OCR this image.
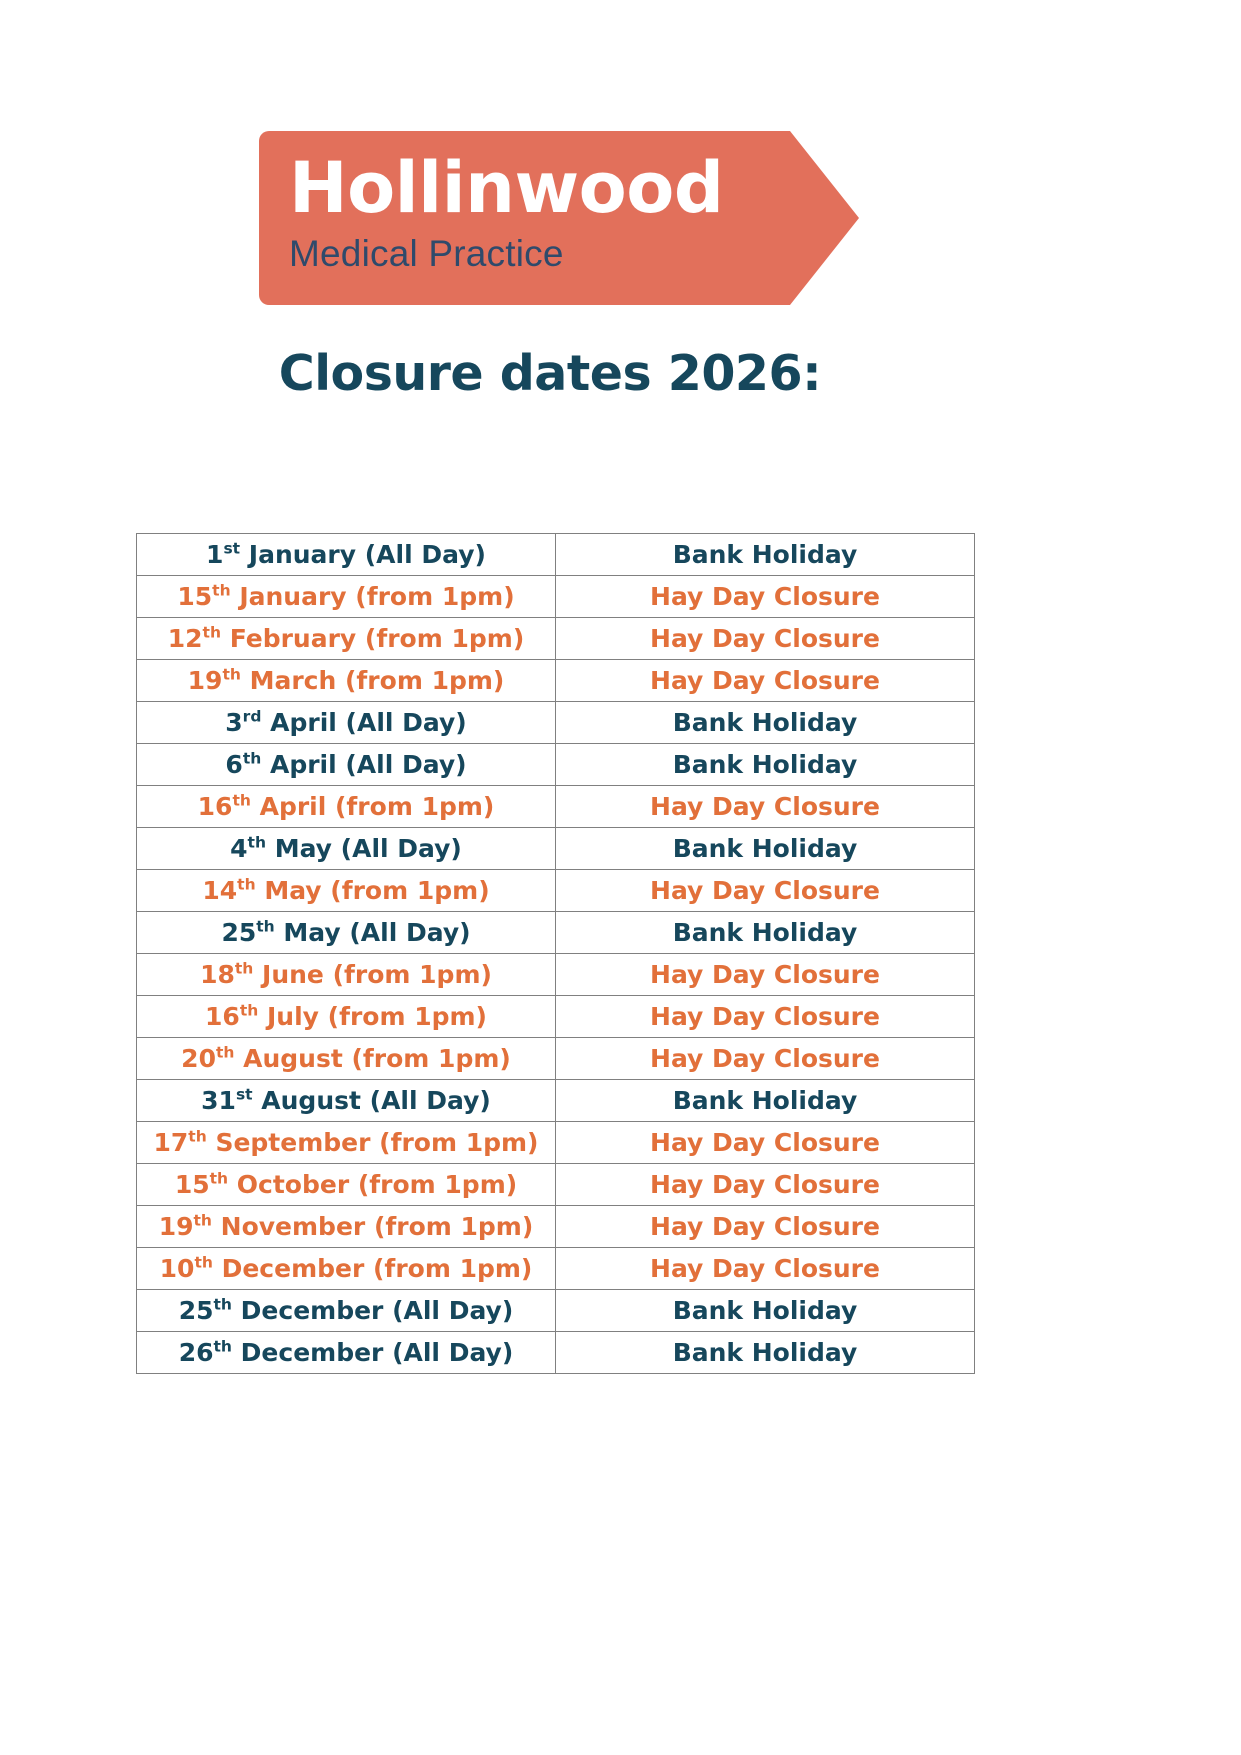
Hollinwood
Medical Practice
Closure dates 2026:
1st January (All Day)	Bank Holiday
15th January (from 1pm)	Hay Day Closure
12th February (from 1pm)	Hay Day Closure
19th March (from 1pm)	Hay Day Closure
3rd April (All Day)	Bank Holiday
6th April (All Day)	Bank Holiday
16th April (from 1pm)	Hay Day Closure
4th May (All Day)	Bank Holiday
14th May (from 1pm)	Hay Day Closure
25th May (All Day)	Bank Holiday
18th June (from 1pm)	Hay Day Closure
16th July (from 1pm)	Hay Day Closure
20th August (from 1pm)	Hay Day Closure
31st August (All Day)	Bank Holiday
17th September (from 1pm)	Hay Day Closure
15th October (from 1pm)	Hay Day Closure
19th November (from 1pm)	Hay Day Closure
10th December (from 1pm)	Hay Day Closure
25th December (All Day)	Bank Holiday
26th December (All Day)	Bank Holiday
